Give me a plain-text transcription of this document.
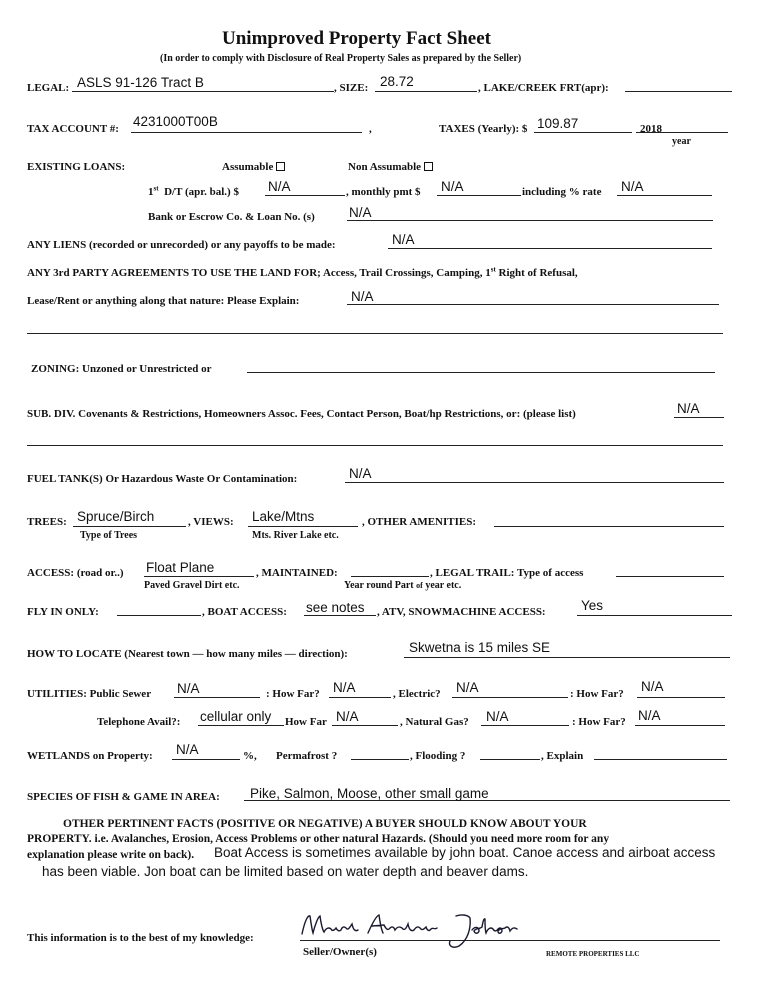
Unimproved Property Fact Sheet
(In order to comply with Disclosure of Real Property Sales as prepared by the Seller)
LEGAL: ASLS 91-126 Tract B	, SIZE: 28.72	, LAKE/CREEK FRT(apr):
TAX ACCOUNT #: 4231000T00B	,	TAXES (Yearly): $ 109.87	2018
year
EXISTING LOANS:	Assumable	Non Assumable
1st D/T (apr. bal.) $ N/A	, monthly pmt $ N/A	including % rate N/A
Bank or Escrow Co. & Loan No. (s)	N/A
ANY LIENS (recorded or unrecorded) or any payoffs to be made:	N/A
ANY 3rd PARTY AGREEMENTS TO USE THE LAND FOR; Access, Trail Crossings, Camping, 1st Right of Refusal,
Lease/Rent or anything along that nature: Please Explain:	N/A
ZONING: Unzoned or Unrestricted or
SUB. DIV. Covenants & Restrictions, Homeowners Assoc. Fees, Contact Person, Boat/hp Restrictions, or: (please list)	N/A
FUEL TANK(S) Or Hazardous Waste Or Contamination:	N/A
TREES: Spruce/Birch
Type of Trees
, VIEWS: Lake/Mtns
Mts. River Lake etc.
, OTHER AMENITIES:
ACCESS: (road or..) Float Plane
Paved Gravel Dirt etc.
, MAINTAINED:
Year round Part of year etc.
, LEGAL TRAIL: Type of access
FLY IN ONLY:	, BOAT ACCESS: see notes , ATV, SNOWMACHINE ACCESS:	Yes
HOW TO LOCATE (Nearest town — how many miles — direction):	Skwetna is 15 miles SE
UTILITIES: Public Sewer N/A	: How Far? N/A	, Electric? N/A	: How Far? N/A
Telephone Avail?: cellular only How Far N/A	, Natural Gas? N/A	: How Far? N/A
WETLANDS on Property: N/A	%, Permafrost ?	, Flooding ?	, Explain
SPECIES OF FISH & GAME IN AREA: Pike, Salmon, Moose, other small game
OTHER PERTINENT FACTS (POSITIVE OR NEGATIVE) A BUYER SHOULD KNOW ABOUT YOUR
PROPERTY. i.e. Avalanches, Erosion, Access Problems or other natural Hazards. (Should you need more room for any
explanation please write on back). Boat Access is sometimes available by john boat. Canoe access and airboat access
has been viable. Jon boat can be limited based on water depth and beaver dams.
This information is to the best of my knowledge:
Seller/Owner(s)	REMOTE PROPERTIES LLC
